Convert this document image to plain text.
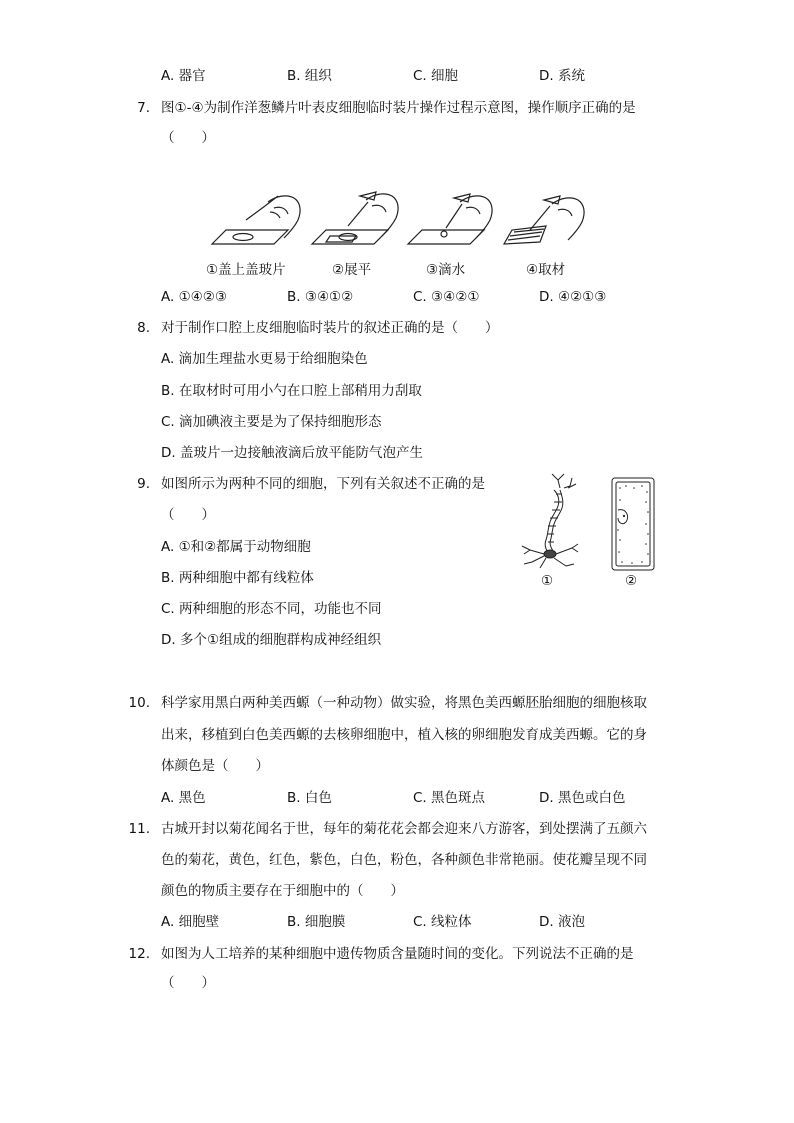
A. 器官	B. 组织	C. 细胞	D. 系统
7. 图①-④为制作洋葱鳞片叶表皮细胞临时装片操作过程示意图，操作顺序正确的是
（　　）
①盖上盖玻片	②展平	③滴水	④取材
A. ①④②③	B. ③④①②	C. ③④②①	D. ④②①③
8. 对于制作口腔上皮细胞临时装片的叙述正确的是（　　）
A. 滴加生理盐水更易于给细胞染色
B. 在取材时可用小勺在口腔上部稍用力刮取
C. 滴加碘液主要是为了保持细胞形态
D. 盖玻片一边接触液滴后放平能防气泡产生
9. 如图所示为两种不同的细胞，下列有关叙述不正确的是
（　　）
A. ①和②都属于动物细胞
B. 两种细胞中都有线粒体
C. 两种细胞的形态不同，功能也不同
D. 多个①组成的细胞群构成神经组织
①	②
10. 科学家用黑白两种美西螈（一种动物）做实验，将黑色美西螈胚胎细胞的细胞核取
出来，移植到白色美西螈的去核卵细胞中，植入核的卵细胞发育成美西螈。它的身
体颜色是（　　）
A. 黑色	B. 白色	C. 黑色斑点	D. 黑色或白色
11. 古城开封以菊花闻名于世，每年的菊花花会都会迎来八方游客，到处摆满了五颜六
色的菊花，黄色，红色，紫色，白色，粉色，各种颜色非常艳丽。使花瓣呈现不同
颜色的物质主要存在于细胞中的（　　）
A. 细胞壁	B. 细胞膜	C. 线粒体	D. 液泡
12. 如图为人工培养的某种细胞中遗传物质含量随时间的变化。下列说法不正确的是
（　　）
